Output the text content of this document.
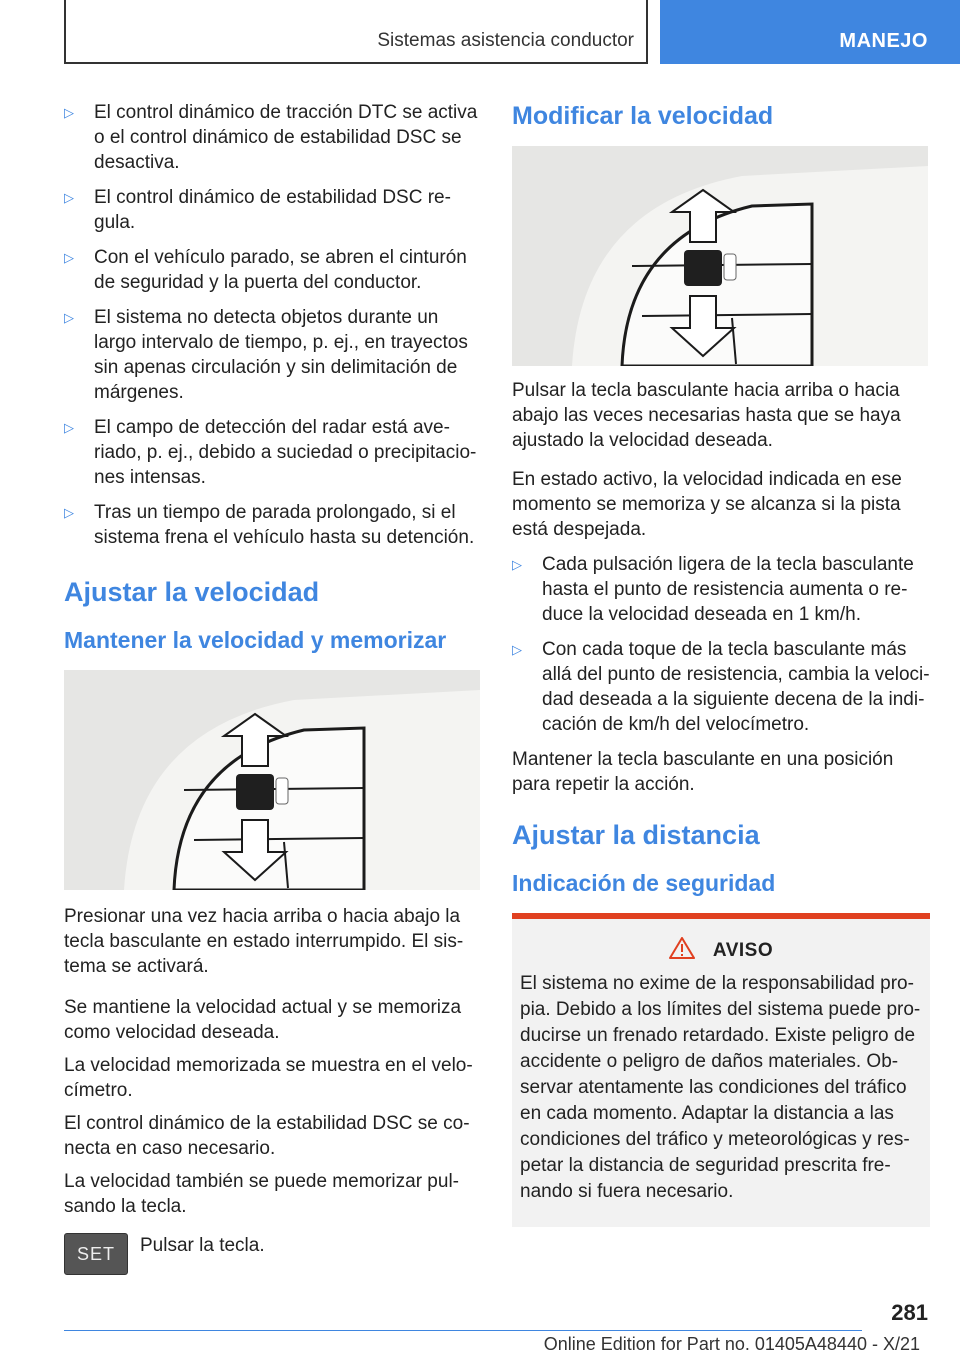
Sistemas asistencia conductor	MANEJO
▷ El control dinámico de tracción DTC se activa o el control dinámico de estabilidad DSC se desactiva.
▷ El control dinámico de estabilidad DSC re-gula.
▷ Con el vehículo parado, se abren el cinturón de seguridad y la puerta del conductor.
▷ El sistema no detecta objetos durante un largo intervalo de tiempo, p. ej., en trayectos sin apenas circulación y sin delimitación de márgenes.
▷ El campo de detección del radar está ave-riado, p. ej., debido a suciedad o precipitacio-nes intensas.
▷ Tras un tiempo de parada prolongado, si el sistema frena el vehículo hasta su detención.
Ajustar la velocidad
Mantener la velocidad y memorizar

Presionar una vez hacia arriba o hacia abajo la tecla basculante en estado interrumpido. El sis-tema se activará.

Se mantiene la velocidad actual y se memoriza como velocidad deseada.

La velocidad memorizada se muestra en el velo-címetro.

El control dinámico de la estabilidad DSC se co-necta en caso necesario.

La velocidad también se puede memorizar pul-sando la tecla.

SET	Pulsar la tecla.
Modificar la velocidad

Pulsar la tecla basculante hacia arriba o hacia abajo las veces necesarias hasta que se haya ajustado la velocidad deseada.

En estado activo, la velocidad indicada en ese momento se memoriza y se alcanza si la pista está despejada.

▷ Cada pulsación ligera de la tecla basculante hasta el punto de resistencia aumenta o re-duce la velocidad deseada en 1 km/h.
▷ Con cada toque de la tecla basculante más allá del punto de resistencia, cambia la veloci-dad deseada a la siguiente decena de la indi-cación de km/h del velocímetro.

Mantener la tecla basculante en una posición para repetir la acción.

Ajustar la distancia
Indicación de seguridad
AVISO
El sistema no exime de la responsabilidad pro-pia. Debido a los límites del sistema puede pro-ducirse un frenado retardado. Existe peligro de accidente o peligro de daños materiales. Ob-servar atentamente las condiciones del tráfico en cada momento. Adaptar la distancia a las condiciones del tráfico y meteorológicas y res-petar la distancia de seguridad prescrita fre-nando si fuera necesario.
281
Online Edition for Part no. 01405A48440 - X/21
